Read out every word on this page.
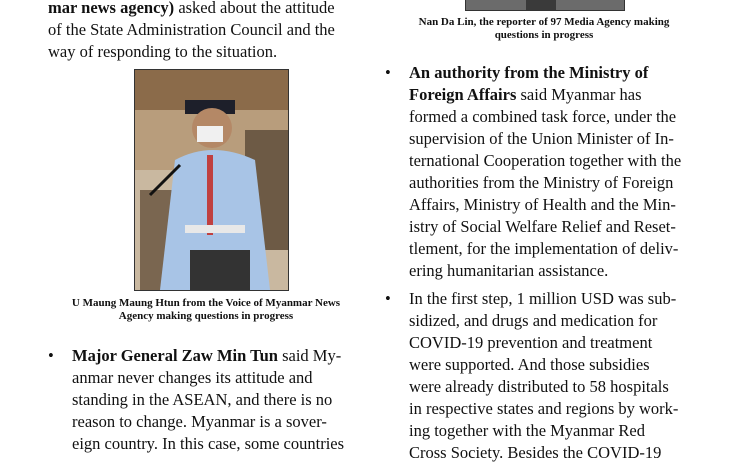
mar news agency) asked about the attitude
of the State Administration Council and the
way of responding to the situation.

U Maung Maung Htun from the Voice of Myanmar News
Agency making questions in progress

• Major General Zaw Min Tun said My-
anmar never changes its attitude and
standing in the ASEAN, and there is no
reason to change. Myanmar is a sover-
eign country. In this case, some countries

Nan Da Lin, the reporter of 97 Media Agency making
questions in progress

• An authority from the Ministry of
Foreign Affairs said Myanmar has
formed a combined task force, under the
supervision of the Union Minister of In-
ternational Cooperation together with the
authorities from the Ministry of Foreign
Affairs, Ministry of Health and the Min-
istry of Social Welfare Relief and Reset-
tlement, for the implementation of deliv-
ering humanitarian assistance.
• In the first step, 1 million USD was sub-
sidized, and drugs and medication for
COVID-19 prevention and treatment
were supported. And those subsidies
were already distributed to 58 hospitals
in respective states and regions by work-
ing together with the Myanmar Red
Cross Society. Besides the COVID-19
